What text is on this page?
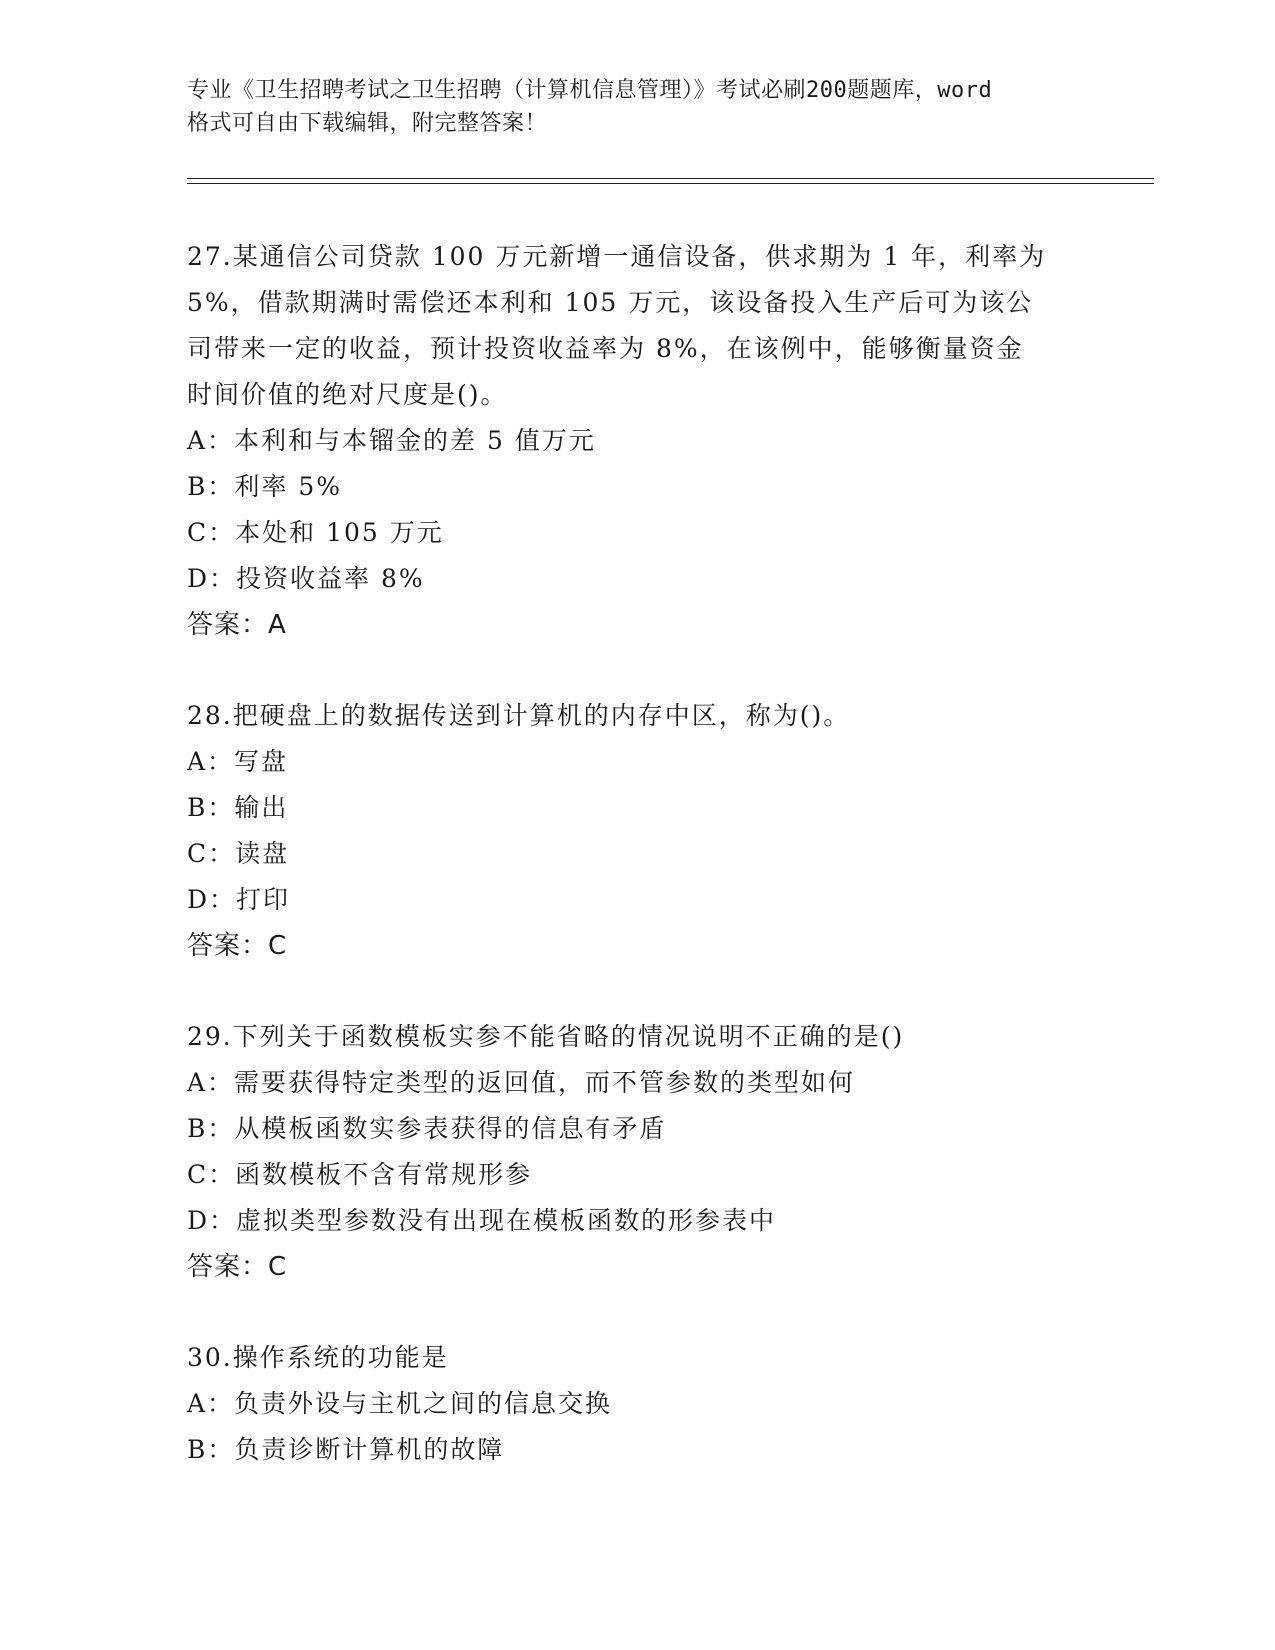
专业《卫生招聘考试之卫生招聘（计算机信息管理）》考试必刷200题题库，word
格式可自由下载编辑，附完整答案！
27.某通信公司贷款 100 万元新增一通信设备，供求期为 1 年，利率为
5%，借款期满时需偿还本利和 105 万元，该设备投入生产后可为该公
司带来一定的收益，预计投资收益率为 8%，在该例中，能够衡量资金
时间价值的绝对尺度是()。
A：本利和与本镏金的差 5 值万元
B：利率 5%
C：本处和 105 万元
D：投资收益率 8%
答案：A
28.把硬盘上的数据传送到计算机的内存中区，称为()。
A：写盘
B：输出
C：读盘
D：打印
答案：C
29.下列关于函数模板实参不能省略的情况说明不正确的是()
A：需要获得特定类型的返回值，而不管参数的类型如何
B：从模板函数实参表获得的信息有矛盾
C：函数模板不含有常规形参
D：虚拟类型参数没有出现在模板函数的形参表中
答案：C
30.操作系统的功能是
A：负责外设与主机之间的信息交换
B：负责诊断计算机的故障
